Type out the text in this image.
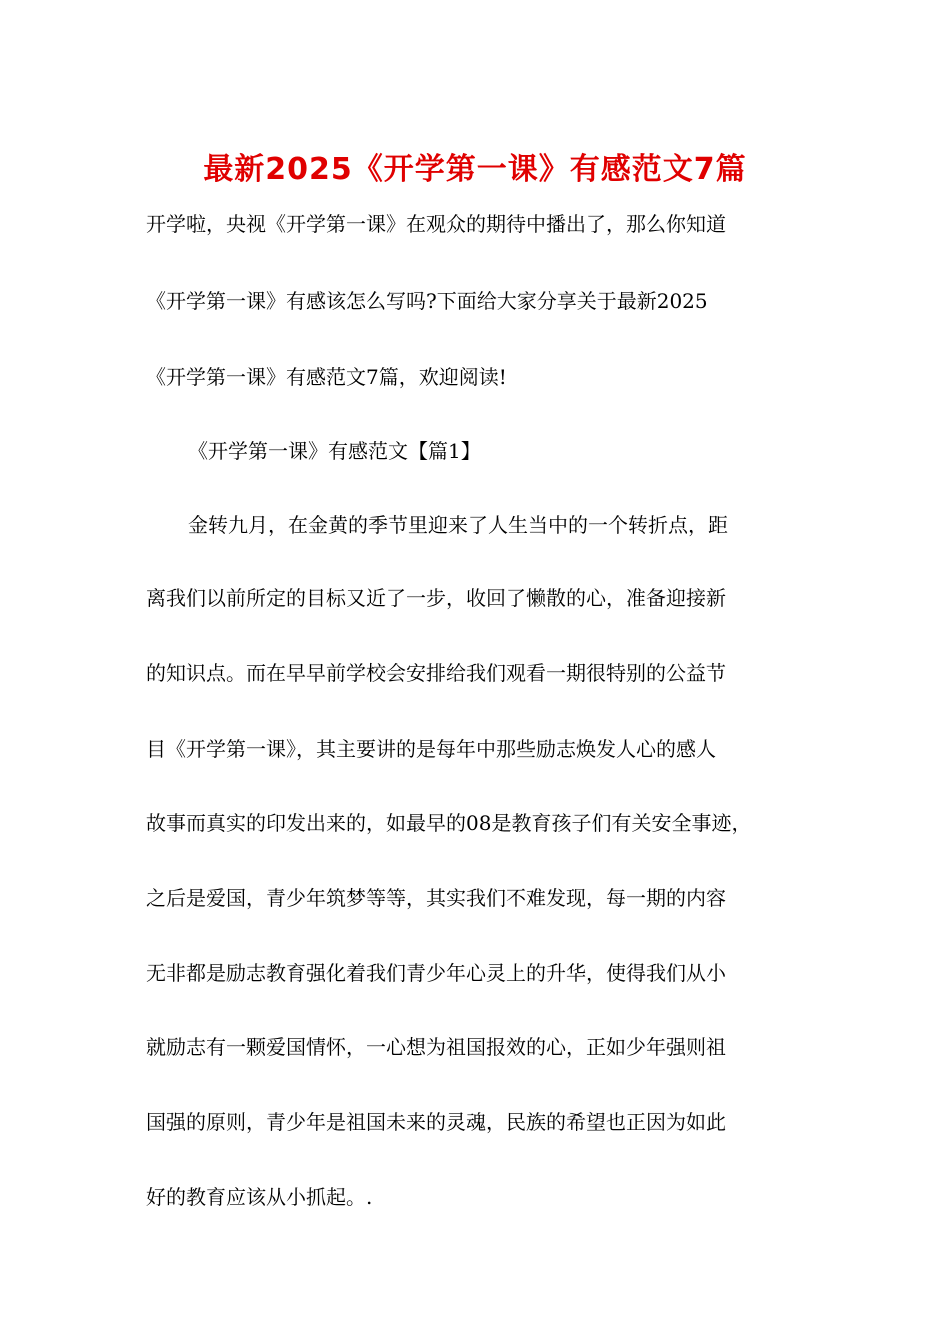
最新2025《开学第一课》有感范文7篇
开学啦，央视《开学第一课》在观众的期待中播出了，那么你知道
《开学第一课》有感该怎么写吗?下面给大家分享关于最新2025
《开学第一课》有感范文7篇，欢迎阅读!
《开学第一课》有感范文【篇1】
金转九月，在金黄的季节里迎来了人生当中的一个转折点，距
离我们以前所定的目标又近了一步，收回了懒散的心，准备迎接新
的知识点。而在早早前学校会安排给我们观看一期很特别的公益节
目《开学第一课》，其主要讲的是每年中那些励志焕发人心的感人
故事而真实的印发出来的，如最早的08是教育孩子们有关安全事迹，
之后是爱国，青少年筑梦等等，其实我们不难发现，每一期的内容
无非都是励志教育强化着我们青少年心灵上的升华，使得我们从小
就励志有一颗爱国情怀，一心想为祖国报效的心，正如少年强则祖
国强的原则，青少年是祖国未来的灵魂，民族的希望也正因为如此
好的教育应该从小抓起。.
